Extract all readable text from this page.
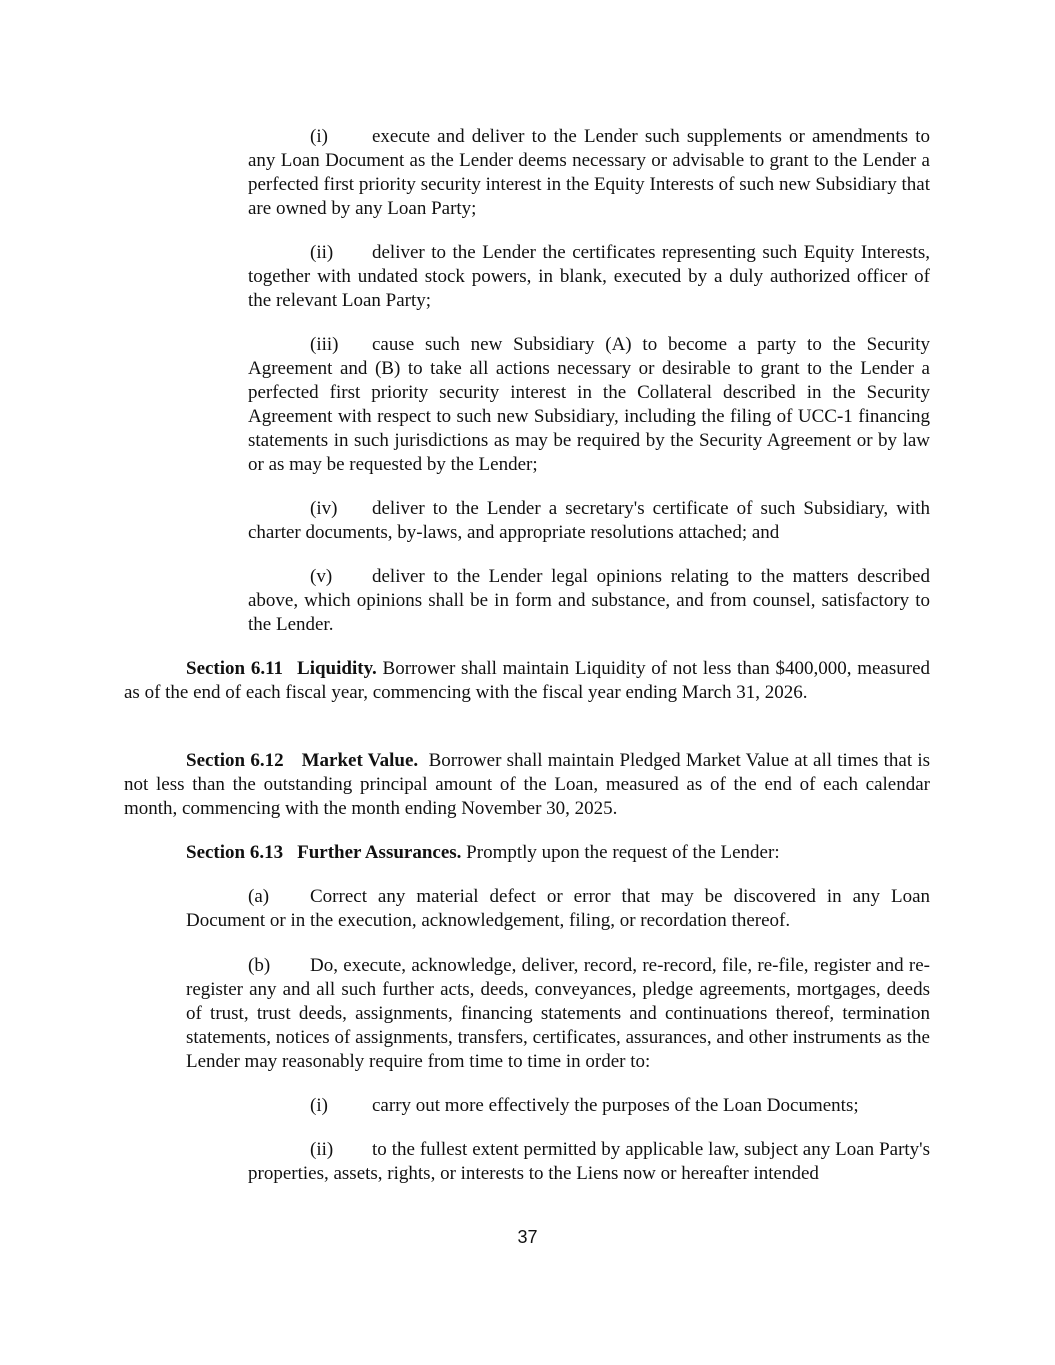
(i) execute and deliver to the Lender such supplements or amendments to any Loan Document as the Lender deems necessary or advisable to grant to the Lender a perfected first priority security interest in the Equity Interests of such new Subsidiary that are owned by any Loan Party;

(ii) deliver to the Lender the certificates representing such Equity Interests, together with undated stock powers, in blank, executed by a duly authorized officer of the relevant Loan Party;

(iii) cause such new Subsidiary (A) to become a party to the Security Agreement and (B) to take all actions necessary or desirable to grant to the Lender a perfected first priority security interest in the Collateral described in the Security Agreement with respect to such new Subsidiary, including the filing of UCC-1 financing statements in such jurisdictions as may be required by the Security Agreement or by law or as may be requested by the Lender;

(iv) deliver to the Lender a secretary's certificate of such Subsidiary, with charter documents, by-laws, and appropriate resolutions attached; and

(v) deliver to the Lender legal opinions relating to the matters described above, which opinions shall be in form and substance, and from counsel, satisfactory to the Lender.

Section 6.11 Liquidity. Borrower shall maintain Liquidity of not less than $400,000, measured as of the end of each fiscal year, commencing with the fiscal year ending March 31, 2026.

Section 6.12 Market Value. Borrower shall maintain Pledged Market Value at all times that is not less than the outstanding principal amount of the Loan, measured as of the end of each calendar month, commencing with the month ending November 30, 2025.

Section 6.13 Further Assurances. Promptly upon the request of the Lender:

(a) Correct any material defect or error that may be discovered in any Loan Document or in the execution, acknowledgement, filing, or recordation thereof.

(b) Do, execute, acknowledge, deliver, record, re-record, file, re-file, register and re-register any and all such further acts, deeds, conveyances, pledge agreements, mortgages, deeds of trust, trust deeds, assignments, financing statements and continuations thereof, termination statements, notices of assignments, transfers, certificates, assurances, and other instruments as the Lender may reasonably require from time to time in order to:

(i) carry out more effectively the purposes of the Loan Documents;

(ii) to the fullest extent permitted by applicable law, subject any Loan Party's properties, assets, rights, or interests to the Liens now or hereafter intended

37
